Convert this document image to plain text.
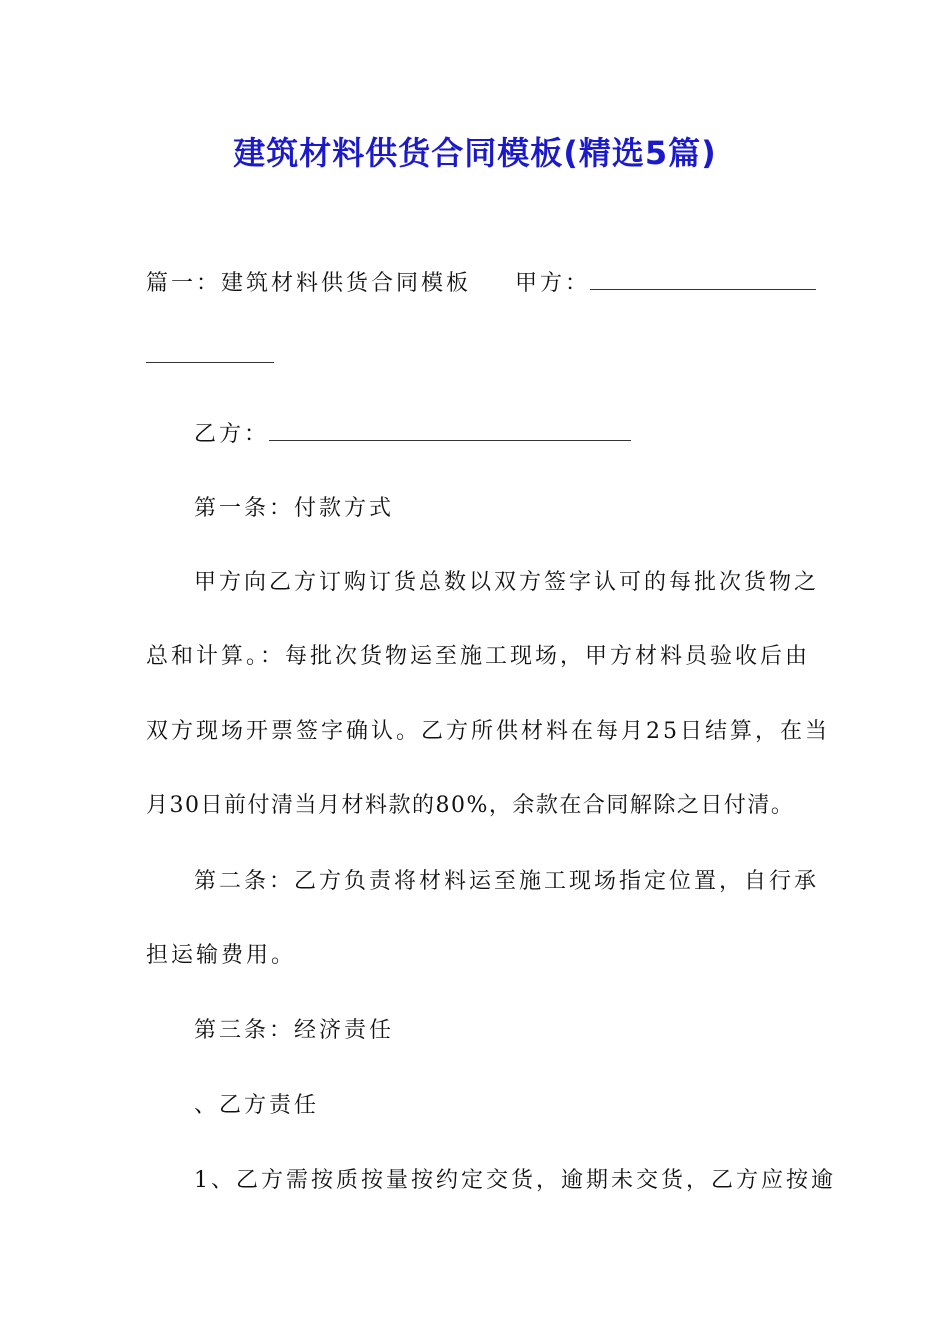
建筑材料供货合同模板(精选5篇)
篇一：建筑材料供货合同模板 甲方：
乙方：
第一条：付款方式
甲方向乙方订购订货总数以双方签字认可的每批次货物之
总和计算。：每批次货物运至施工现场，甲方材料员验收后由
双方现场开票签字确认。乙方所供材料在每月25日结算，在当
月30日前付清当月材料款的80%，余款在合同解除之日付清。
第二条：乙方负责将材料运至施工现场指定位置，自行承
担运输费用。
第三条：经济责任
、乙方责任
1、乙方需按质按量按约定交货，逾期未交货，乙方应按逾
